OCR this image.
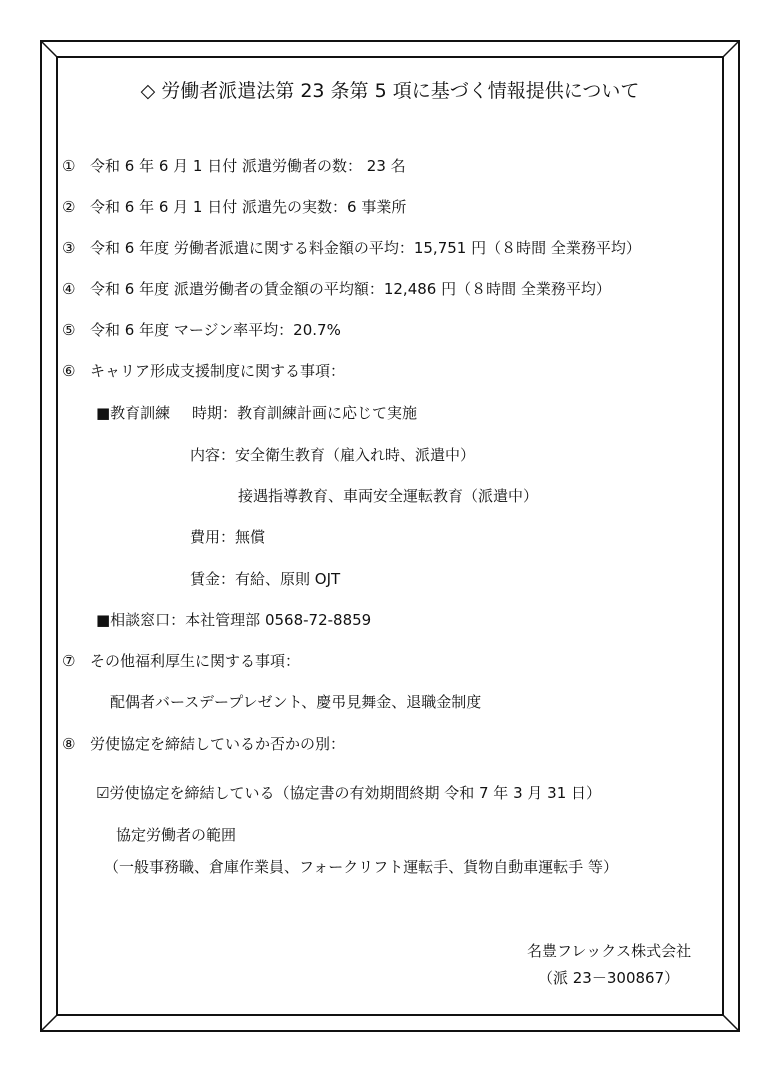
◇ 労働者派遣法第 23 条第 5 項に基づく情報提供について
① 令和 6 年 6 月 1 日付 派遣労働者の数： 23 名
② 令和 6 年 6 月 1 日付 派遣先の実数：6 事業所
③ 令和 6 年度 労働者派遣に関する料金額の平均：15,751 円（８時間 全業務平均）
④ 令和 6 年度 派遣労働者の賃金額の平均額：12,486 円（８時間 全業務平均）
⑤ 令和 6 年度 マージン率平均：20.7%
⑥ キャリア形成支援制度に関する事項：
■教育訓練 時期：教育訓練計画に応じて実施
内容：安全衛生教育（雇入れ時、派遣中）
接遇指導教育、車両安全運転教育（派遣中）
費用：無償
賃金：有給、原則 OJT
■相談窓口：本社管理部 0568-72-8859
⑦ その他福利厚生に関する事項：
配偶者バースデープレゼント、慶弔見舞金、退職金制度
⑧ 労使協定を締結しているか否かの別：
☑労使協定を締結している（協定書の有効期間終期 令和 7 年 3 月 31 日）
協定労働者の範囲
（一般事務職、倉庫作業員、フォークリフト運転手、貨物自動車運転手 等）
名豊フレックス株式会社
（派 23－300867）
